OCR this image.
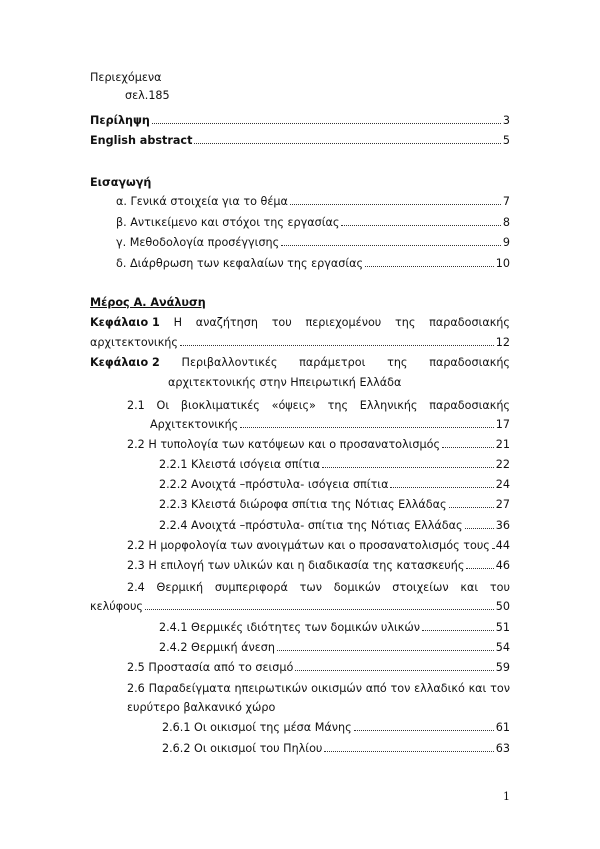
Περιεχόμενα
σελ.185
Περίληψη	3
English abstract	5
Εισαγωγή
α. Γενικά στοιχεία για το θέμα	7
β. Αντικείμενο και στόχοι της εργασίας	8
γ. Μεθοδολογία προσέγγισης	9
δ. Διάρθρωση των κεφαλαίων της εργασίας	10
Μέρος Α. Ανάλυση
Κεφάλαιο 1 Η αναζήτηση του περιεχομένου της παραδοσιακής
αρχιτεκτονικής	12
Κεφάλαιο 2 Περιβαλλοντικές παράμετροι της παραδοσιακής
αρχιτεκτονικής στην Ηπειρωτική Ελλάδα
2.1 Οι βιοκλιματικές «όψεις» της Ελληνικής παραδοσιακής
Αρχιτεκτονικής	17
2.2 Η τυπολογία των κατόψεων και ο προσανατολισμός	21
2.2.1 Κλειστά ισόγεια σπίτια	22
2.2.2 Ανοιχτά –πρόστυλα- ισόγεια σπίτια	24
2.2.3 Κλειστά διώροφα σπίτια της Νότιας Ελλάδας	27
2.2.4 Ανοιχτά –πρόστυλα- σπίτια της Νότιας Ελλάδας	36
2.2 Η μορφολογία των ανοιγμάτων και ο προσανατολισμός τους 44
2.3 Η επιλογή των υλικών και η διαδικασία της κατασκευής	46
2.4 Θερμική συμπεριφορά των δομικών στοιχείων και του
κελύφους	50
2.4.1 Θερμικές ιδιότητες των δομικών υλικών	51
2.4.2 Θερμική άνεση	54
2.5 Προστασία από το σεισμό	59
2.6 Παραδείγματα ηπειρωτικών οικισμών από τον ελλαδικό και τον
ευρύτερο βαλκανικό χώρο
2.6.1 Οι οικισμοί της μέσα Μάνης	61
2.6.2 Οι οικισμοί του Πηλίου	63
1
